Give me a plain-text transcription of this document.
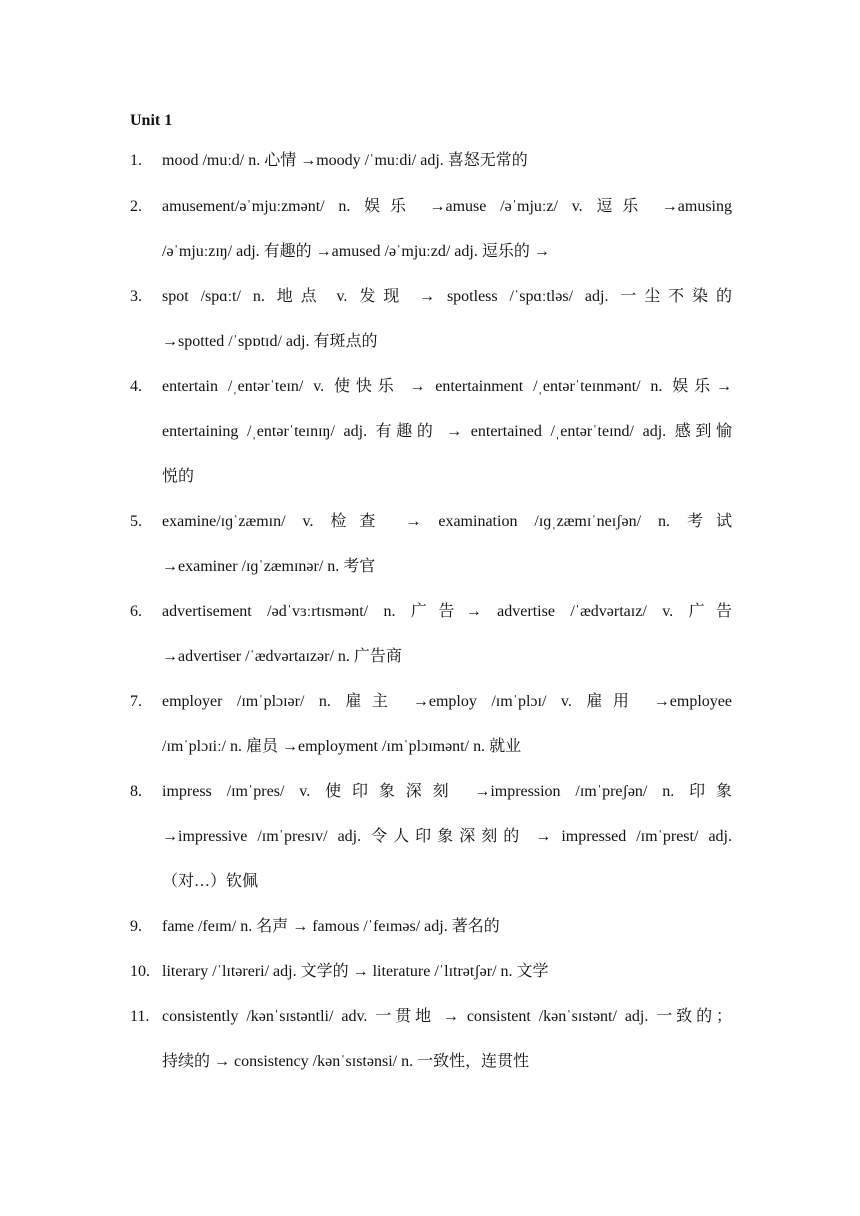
Unit 1
1. mood /muːd/ n. 心情 →moody /ˈmuːdi/ adj. 喜怒无常的
2. amusement/əˈmjuːzmənt/ n. 娱乐 →amuse /əˈmjuːz/ v. 逗乐 →amusing
/əˈmjuːzɪŋ/ adj. 有趣的 →amused /əˈmjuːzd/ adj. 逗乐的 →
3. spot /spɑːt/ n. 地点 v. 发现 → spotless /ˈspɑːtləs/ adj. 一尘不染的
→spotted /ˈspɒtɪd/ adj. 有斑点的
4. entertain /ˌentərˈteɪn/ v. 使快乐 → entertainment /ˌentərˈteɪnmənt/ n. 娱乐→
entertaining /ˌentərˈteɪnɪŋ/ adj. 有趣的 → entertained /ˌentərˈteɪnd/ adj. 感到愉
悦的
5. examine/ɪɡˈzæmɪn/ v. 检查 → examination /ɪɡˌzæmɪˈneɪʃən/ n. 考试
→examiner /ɪɡˈzæmɪnər/ n. 考官
6. advertisement /ədˈvɜːrtɪsmənt/ n. 广告→ advertise /ˈædvərtaɪz/ v. 广告
→advertiser /ˈædvərtaɪzər/ n. 广告商
7. employer /ɪmˈplɔɪər/ n. 雇主 →employ /ɪmˈplɔɪ/ v. 雇用 →employee
/ɪmˈplɔɪiː/ n. 雇员 →employment /ɪmˈplɔɪmənt/ n. 就业
8. impress /ɪmˈpres/ v. 使印象深刻 →impression /ɪmˈpreʃən/ n. 印象
→impressive /ɪmˈpresɪv/ adj. 令人印象深刻的 → impressed /ɪmˈprest/ adj.
（对…）钦佩
9. fame /feɪm/ n. 名声 → famous /ˈfeɪməs/ adj. 著名的
10. literary /ˈlɪtəreri/ adj. 文学的 → literature /ˈlɪtrətʃər/ n. 文学
11. consistently /kənˈsɪstəntli/ adv. 一贯地 → consistent /kənˈsɪstənt/ adj. 一致的；
持续的 → consistency /kənˈsɪstənsi/ n. 一致性，连贯性
